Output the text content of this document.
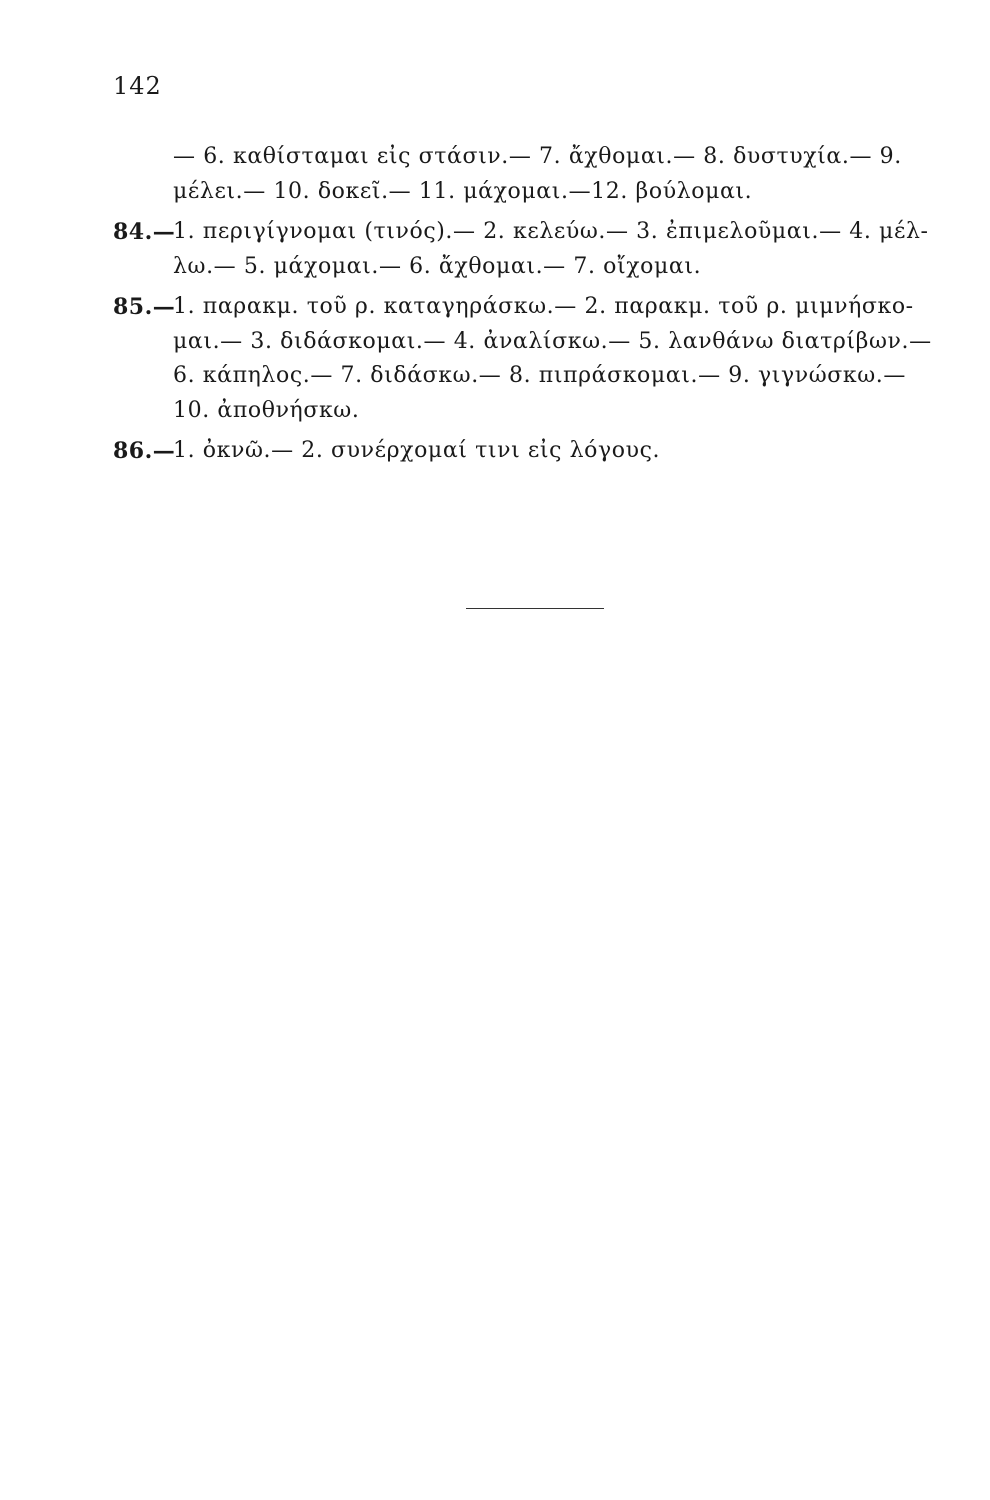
142
— 6. καθίσταμαι εἰς στάσιν.— 7. ἄχθομαι.— 8. δυστυχία.— 9.
μέλει.— 10. δοκεῖ.— 11. μάχομαι.—12. βούλομαι.
84.—
1. περιγίγνομαι (τινός).— 2. κελεύω.— 3. ἐπιμελοῦμαι.— 4. μέλ-
λω.— 5. μάχομαι.— 6. ἄχθομαι.— 7. οἴχομαι.
85.—
1. παρακμ. τοῦ ρ. καταγηράσκω.— 2. παρακμ. τοῦ ρ. μιμνήσκο-
μαι.— 3. διδάσκομαι.— 4. ἀναλίσκω.— 5. λανθάνω διατρίβων.—
6. κάπηλος.— 7. διδάσκω.— 8. πιπράσκομαι.— 9. γιγνώσκω.—
10. ἀποθνήσκω.
86.—
1. ὀκνῶ.— 2. συνέρχομαί τινι εἰς λόγους.
